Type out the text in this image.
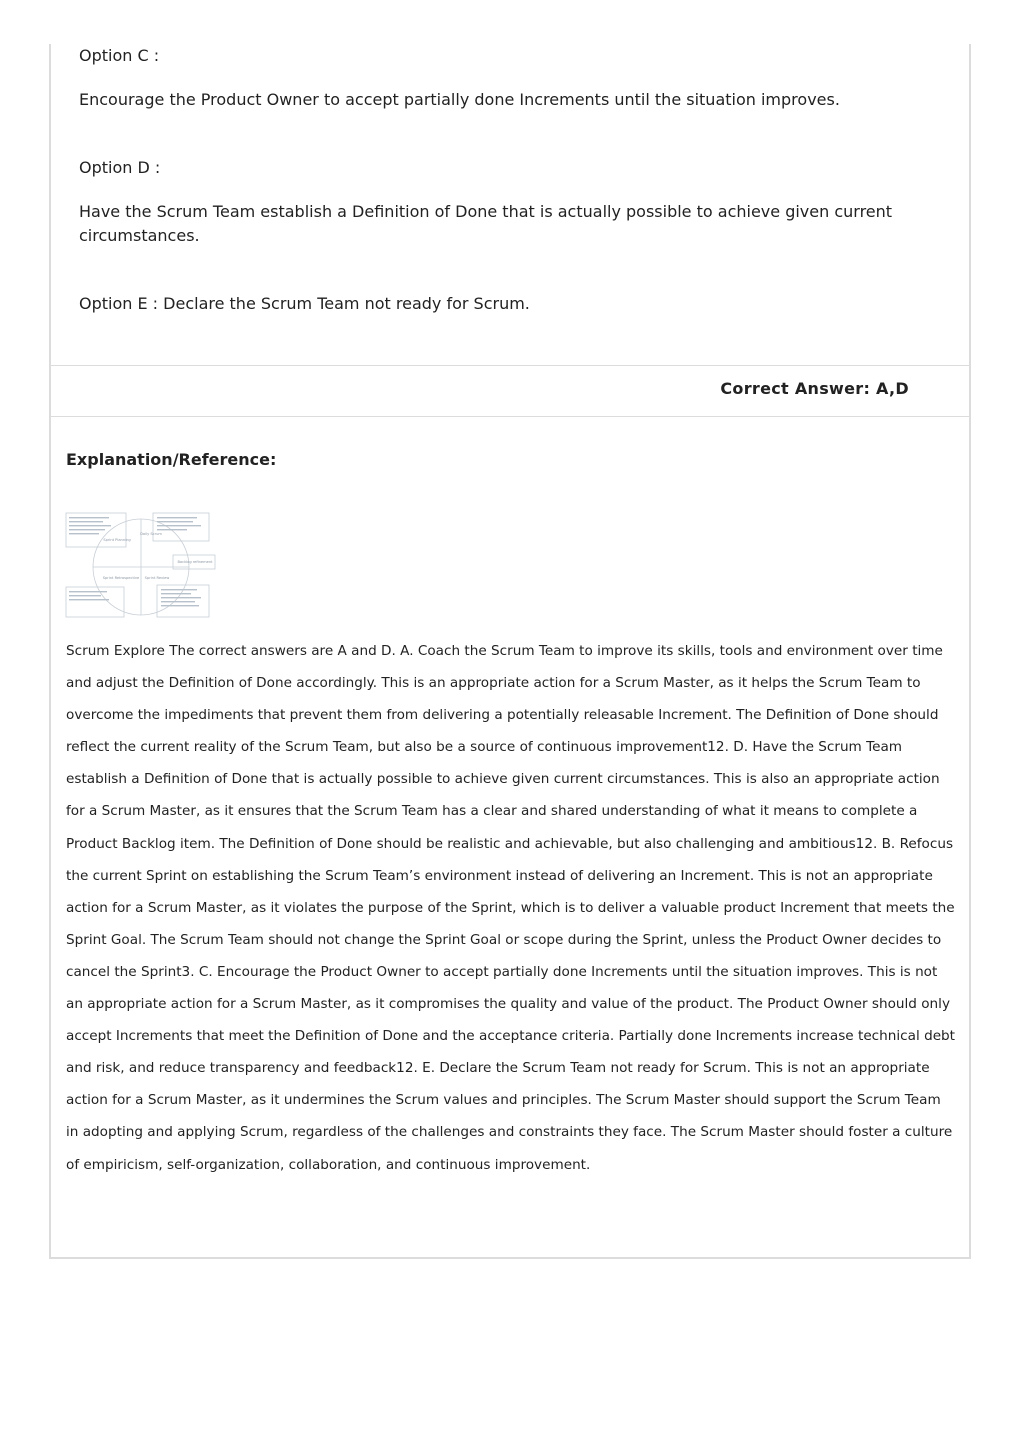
Option C :
Encourage the Product Owner to accept partially done Increments until the situation improves.
Option D :
Have the Scrum Team establish a Definition of Done that is actually possible to achieve given current circumstances.
Option E : Declare the Scrum Team not ready for Scrum.
Correct Answer: A,D
Explanation/Reference:
Sprint Planning
Daily Scrum
Backlog refinement
Sprint Retrospective Sprint Review
Scrum Explore The correct answers are A and D. A. Coach the Scrum Team to improve its skills, tools and environment over time and adjust the Definition of Done accordingly. This is an appropriate action for a Scrum Master, as it helps the Scrum Team to overcome the impediments that prevent them from delivering a potentially releasable Increment. The Definition of Done should reflect the current reality of the Scrum Team, but also be a source of continuous improvement12. D. Have the Scrum Team establish a Definition of Done that is actually possible to achieve given current circumstances. This is also an appropriate action for a Scrum Master, as it ensures that the Scrum Team has a clear and shared understanding of what it means to complete a Product Backlog item. The Definition of Done should be realistic and achievable, but also challenging and ambitious12. B. Refocus the current Sprint on establishing the Scrum Team’s environment instead of delivering an Increment. This is not an appropriate action for a Scrum Master, as it violates the purpose of the Sprint, which is to deliver a valuable product Increment that meets the Sprint Goal. The Scrum Team should not change the Sprint Goal or scope during the Sprint, unless the Product Owner decides to cancel the Sprint3. C. Encourage the Product Owner to accept partially done Increments until the situation improves. This is not an appropriate action for a Scrum Master, as it compromises the quality and value of the product. The Product Owner should only accept Increments that meet the Definition of Done and the acceptance criteria. Partially done Increments increase technical debt and risk, and reduce transparency and feedback12. E. Declare the Scrum Team not ready for Scrum. This is not an appropriate action for a Scrum Master, as it undermines the Scrum values and principles. The Scrum Master should support the Scrum Team in adopting and applying Scrum, regardless of the challenges and constraints they face. The Scrum Master should foster a culture of empiricism, self-organization, collaboration, and continuous improvement.
